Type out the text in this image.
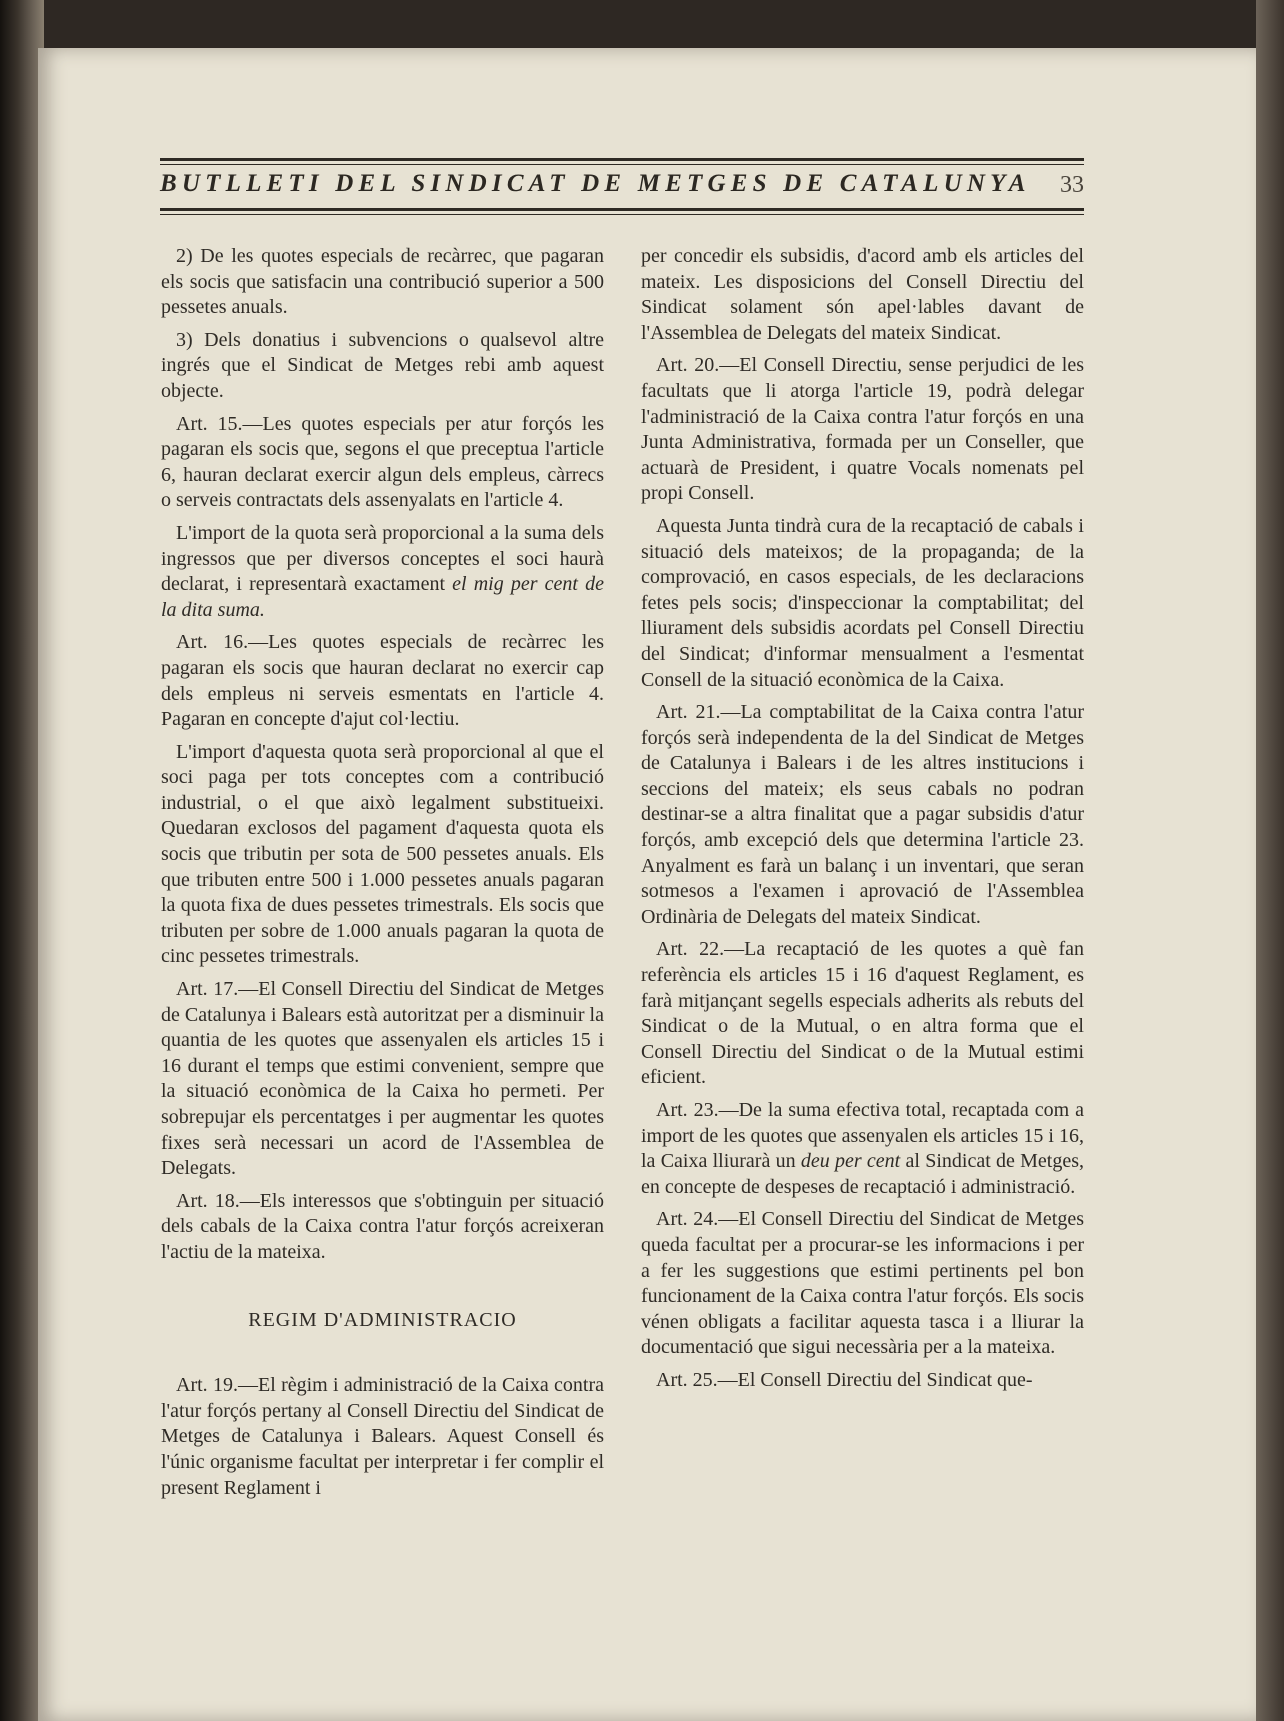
BUTLLETI DEL SINDICAT DE METGES DE CATALUNYA 33

2) De les quotes especials de recàrrec, que pagaran els socis que satisfacin una contribució superior a 500 pessetes anuals.

3) Dels donatius i subvencions o qualsevol altre ingrés que el Sindicat de Metges rebi amb aquest objecte.

Art. 15.—Les quotes especials per atur forçós les pagaran els socis que, segons el que preceptua l'article 6, hauran declarat exercir algun dels empleus, càrrecs o serveis contractats dels assenyalats en l'article 4.

L'import de la quota serà proporcional a la suma dels ingressos que per diversos conceptes el soci haurà declarat, i representarà exactament el mig per cent de la dita suma.

Art. 16.—Les quotes especials de recàrrec les pagaran els socis que hauran declarat no exercir cap dels empleus ni serveis esmentats en l'article 4. Pagaran en concepte d'ajut col·lectiu.

L'import d'aquesta quota serà proporcional al que el soci paga per tots conceptes com a contribució industrial, o el que això legalment substitueixi. Quedaran exclosos del pagament d'aquesta quota els socis que tributin per sota de 500 pessetes anuals. Els que tributen entre 500 i 1.000 pessetes anuals pagaran la quota fixa de dues pessetes trimestrals. Els socis que tributen per sobre de 1.000 anuals pagaran la quota de cinc pessetes trimestrals.

Art. 17.—El Consell Directiu del Sindicat de Metges de Catalunya i Balears està autoritzat per a disminuir la quantia de les quotes que assenyalen els articles 15 i 16 durant el temps que estimi convenient, sempre que la situació econòmica de la Caixa ho permeti. Per sobrepujar els percentatges i per augmentar les quotes fixes serà necessari un acord de l'Assemblea de Delegats.

Art. 18.—Els interessos que s'obtinguin per situació dels cabals de la Caixa contra l'atur forçós acreixeran l'actiu de la mateixa.

REGIM D'ADMINISTRACIO

Art. 19.—El règim i administració de la Caixa contra l'atur forçós pertany al Consell Directiu del Sindicat de Metges de Catalunya i Balears. Aquest Consell és l'únic organisme facultat per interpretar i fer complir el present Reglament i

per concedir els subsidis, d'acord amb els articles del mateix. Les disposicions del Consell Directiu del Sindicat solament són apel·lables davant de l'Assemblea de Delegats del mateix Sindicat.

Art. 20.—El Consell Directiu, sense perjudici de les facultats que li atorga l'article 19, podrà delegar l'administració de la Caixa contra l'atur forçós en una Junta Administrativa, formada per un Conseller, que actuarà de President, i quatre Vocals nomenats pel propi Consell.

Aquesta Junta tindrà cura de la recaptació de cabals i situació dels mateixos; de la propaganda; de la comprovació, en casos especials, de les declaracions fetes pels socis; d'inspeccionar la comptabilitat; del lliurament dels subsidis acordats pel Consell Directiu del Sindicat; d'informar mensualment a l'esmentat Consell de la situació econòmica de la Caixa.

Art. 21.—La comptabilitat de la Caixa contra l'atur forçós serà independenta de la del Sindicat de Metges de Catalunya i Balears i de les altres institucions i seccions del mateix; els seus cabals no podran destinar-se a altra finalitat que a pagar subsidis d'atur forçós, amb excepció dels que determina l'article 23. Anyalment es farà un balanç i un inventari, que seran sotmesos a l'examen i aprovació de l'Assemblea Ordinària de Delegats del mateix Sindicat.

Art. 22.—La recaptació de les quotes a què fan referència els articles 15 i 16 d'aquest Reglament, es farà mitjançant segells especials adherits als rebuts del Sindicat o de la Mutual, o en altra forma que el Consell Directiu del Sindicat o de la Mutual estimi eficient.

Art. 23.—De la suma efectiva total, recaptada com a import de les quotes que assenyalen els articles 15 i 16, la Caixa lliurarà un deu per cent al Sindicat de Metges, en concepte de despeses de recaptació i administració.

Art. 24.—El Consell Directiu del Sindicat de Metges queda facultat per a procurar-se les informacions i per a fer les suggestions que estimi pertinents pel bon funcionament de la Caixa contra l'atur forçós. Els socis vénen obligats a facilitar aquesta tasca i a lliurar la documentació que sigui necessària per a la mateixa.

Art. 25.—El Consell Directiu del Sindicat que-
